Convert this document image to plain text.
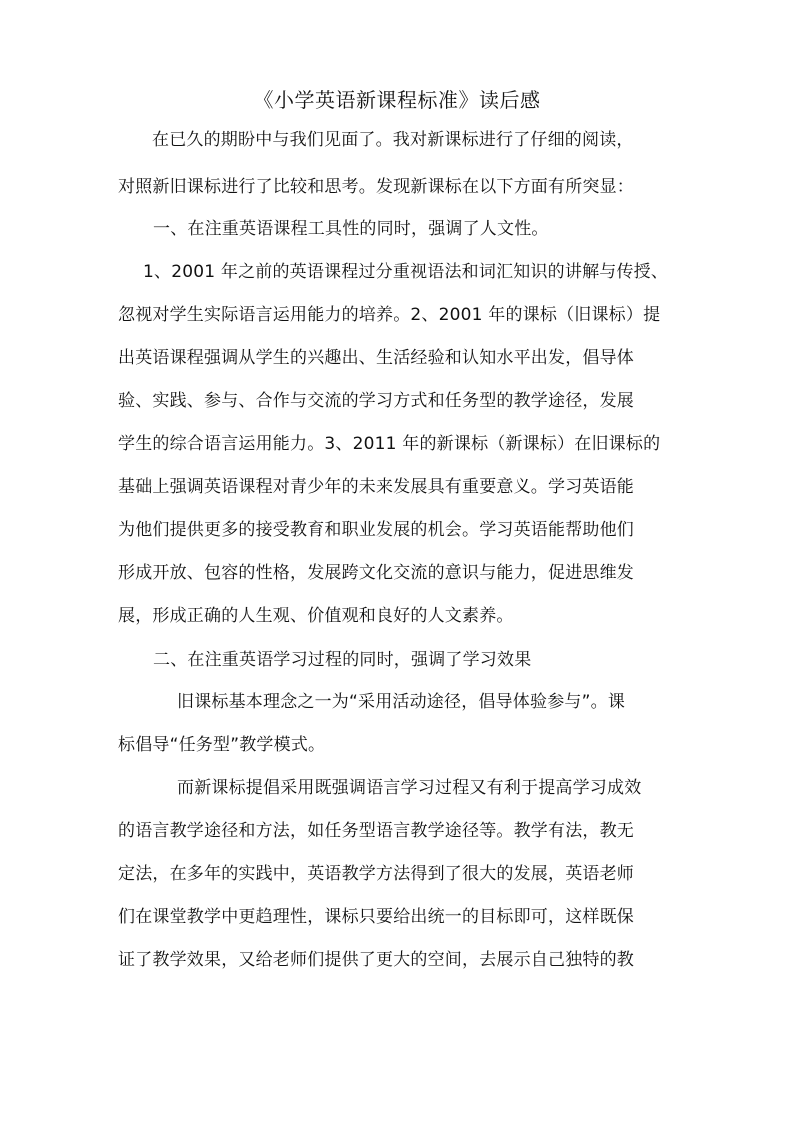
《小学英语新课程标准》读后感
在已久的期盼中与我们见面了。我对新课标进行了仔细的阅读，
对照新旧课标进行了比较和思考。发现新课标在以下方面有所突显：
一、在注重英语课程工具性的同时，强调了人文性。
1、2001 年之前的英语课程过分重视语法和词汇知识的讲解与传授、
忽视对学生实际语言运用能力的培养。2、2001 年的课标（旧课标）提
出英语课程强调从学生的兴趣出、生活经验和认知水平出发，倡导体
验、实践、参与、合作与交流的学习方式和任务型的教学途径，发展
学生的综合语言运用能力。3、2011 年的新课标（新课标）在旧课标的
基础上强调英语课程对青少年的未来发展具有重要意义。学习英语能
为他们提供更多的接受教育和职业发展的机会。学习英语能帮助他们
形成开放、包容的性格，发展跨文化交流的意识与能力，促进思维发
展，形成正确的人生观、价值观和良好的人文素养。
二、在注重英语学习过程的同时，强调了学习效果
旧课标基本理念之一为“采用活动途径，倡导体验参与”。课
标倡导“任务型”教学模式。
而新课标提倡采用既强调语言学习过程又有利于提高学习成效
的语言教学途径和方法，如任务型语言教学途径等。教学有法，教无
定法，在多年的实践中，英语教学方法得到了很大的发展，英语老师
们在课堂教学中更趋理性，课标只要给出统一的目标即可，这样既保
证了教学效果，又给老师们提供了更大的空间，去展示自己独特的教
